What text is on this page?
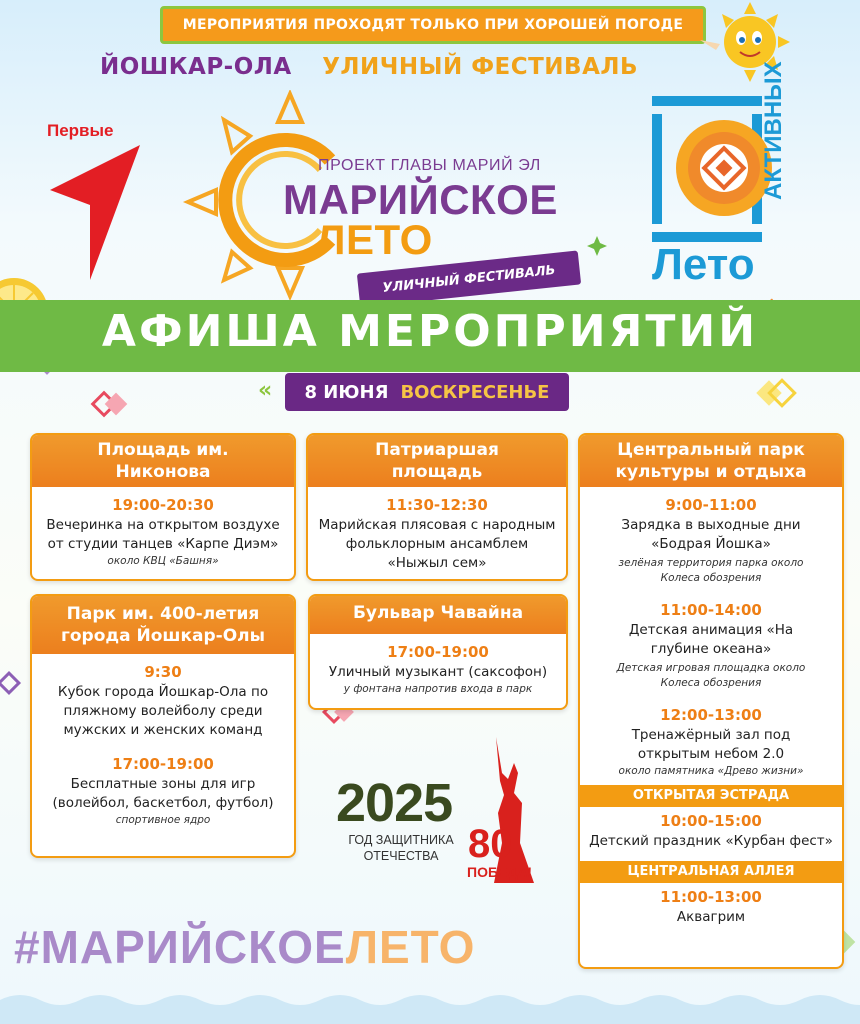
МЕРОПРИЯТИЯ ПРОХОДЯТ ТОЛЬКО ПРИ ХОРОШЕЙ ПОГОДЕ
ЙОШКАР-ОЛА УЛИЧНЫЙ ФЕСТИВАЛЬ
Первые
ПРОЕКТ ГЛАВЫ МАРИЙ ЭЛ
МАРИЙСКОЕ
ЛЕТО
УЛИЧНЫЙ ФЕСТИВАЛЬ	Лето
АКТИВНЫХ
АФИША МЕРОПРИЯТИЙ
« 8 ИЮНЯ ВОСКРЕСЕНЬЕ
Площадь им. Никонова
19:00-20:30
Вечеринка на открытом воздухе от студии танцев «Карпе Диэм»
около КВЦ «Башня»
Патриаршая площадь
11:30-12:30
Марийская плясовая с народным фольклорным ансамблем «Ныжыл сем»
Парк им. 400-летия города Йошкар-Олы
9:30
Кубок города Йошкар-Ола по пляжному волейболу среди мужских и женских команд
17:00-19:00
Бесплатные зоны для игр (волейбол, баскетбол, футбол)
спортивное ядро
Бульвар Чавайна
17:00-19:00
Уличный музыкант (саксофон)
у фонтана напротив входа в парк
Центральный парк культуры и отдыха
9:00-11:00
Зарядка в выходные дни «Бодрая Йошка»
зелёная территория парка около Колеса обозрения
11:00-14:00
Детская анимация «На глубине океана»
Детская игровая площадка около Колеса обозрения
12:00-13:00
Тренажёрный зал под открытым небом 2.0
около памятника «Древо жизни»
ОТКРЫТАЯ ЭСТРАДА
10:00-15:00
Детский праздник «Курбан фест»
ЦЕНТРАЛЬНАЯ АЛЛЕЯ
11:00-13:00
Аквагрим
2025
ГОД ЗАЩИТНИКА ОТЕЧЕСТВА 80
ПОБЕДА!
#МАРИЙСКОЕЛЕТО
